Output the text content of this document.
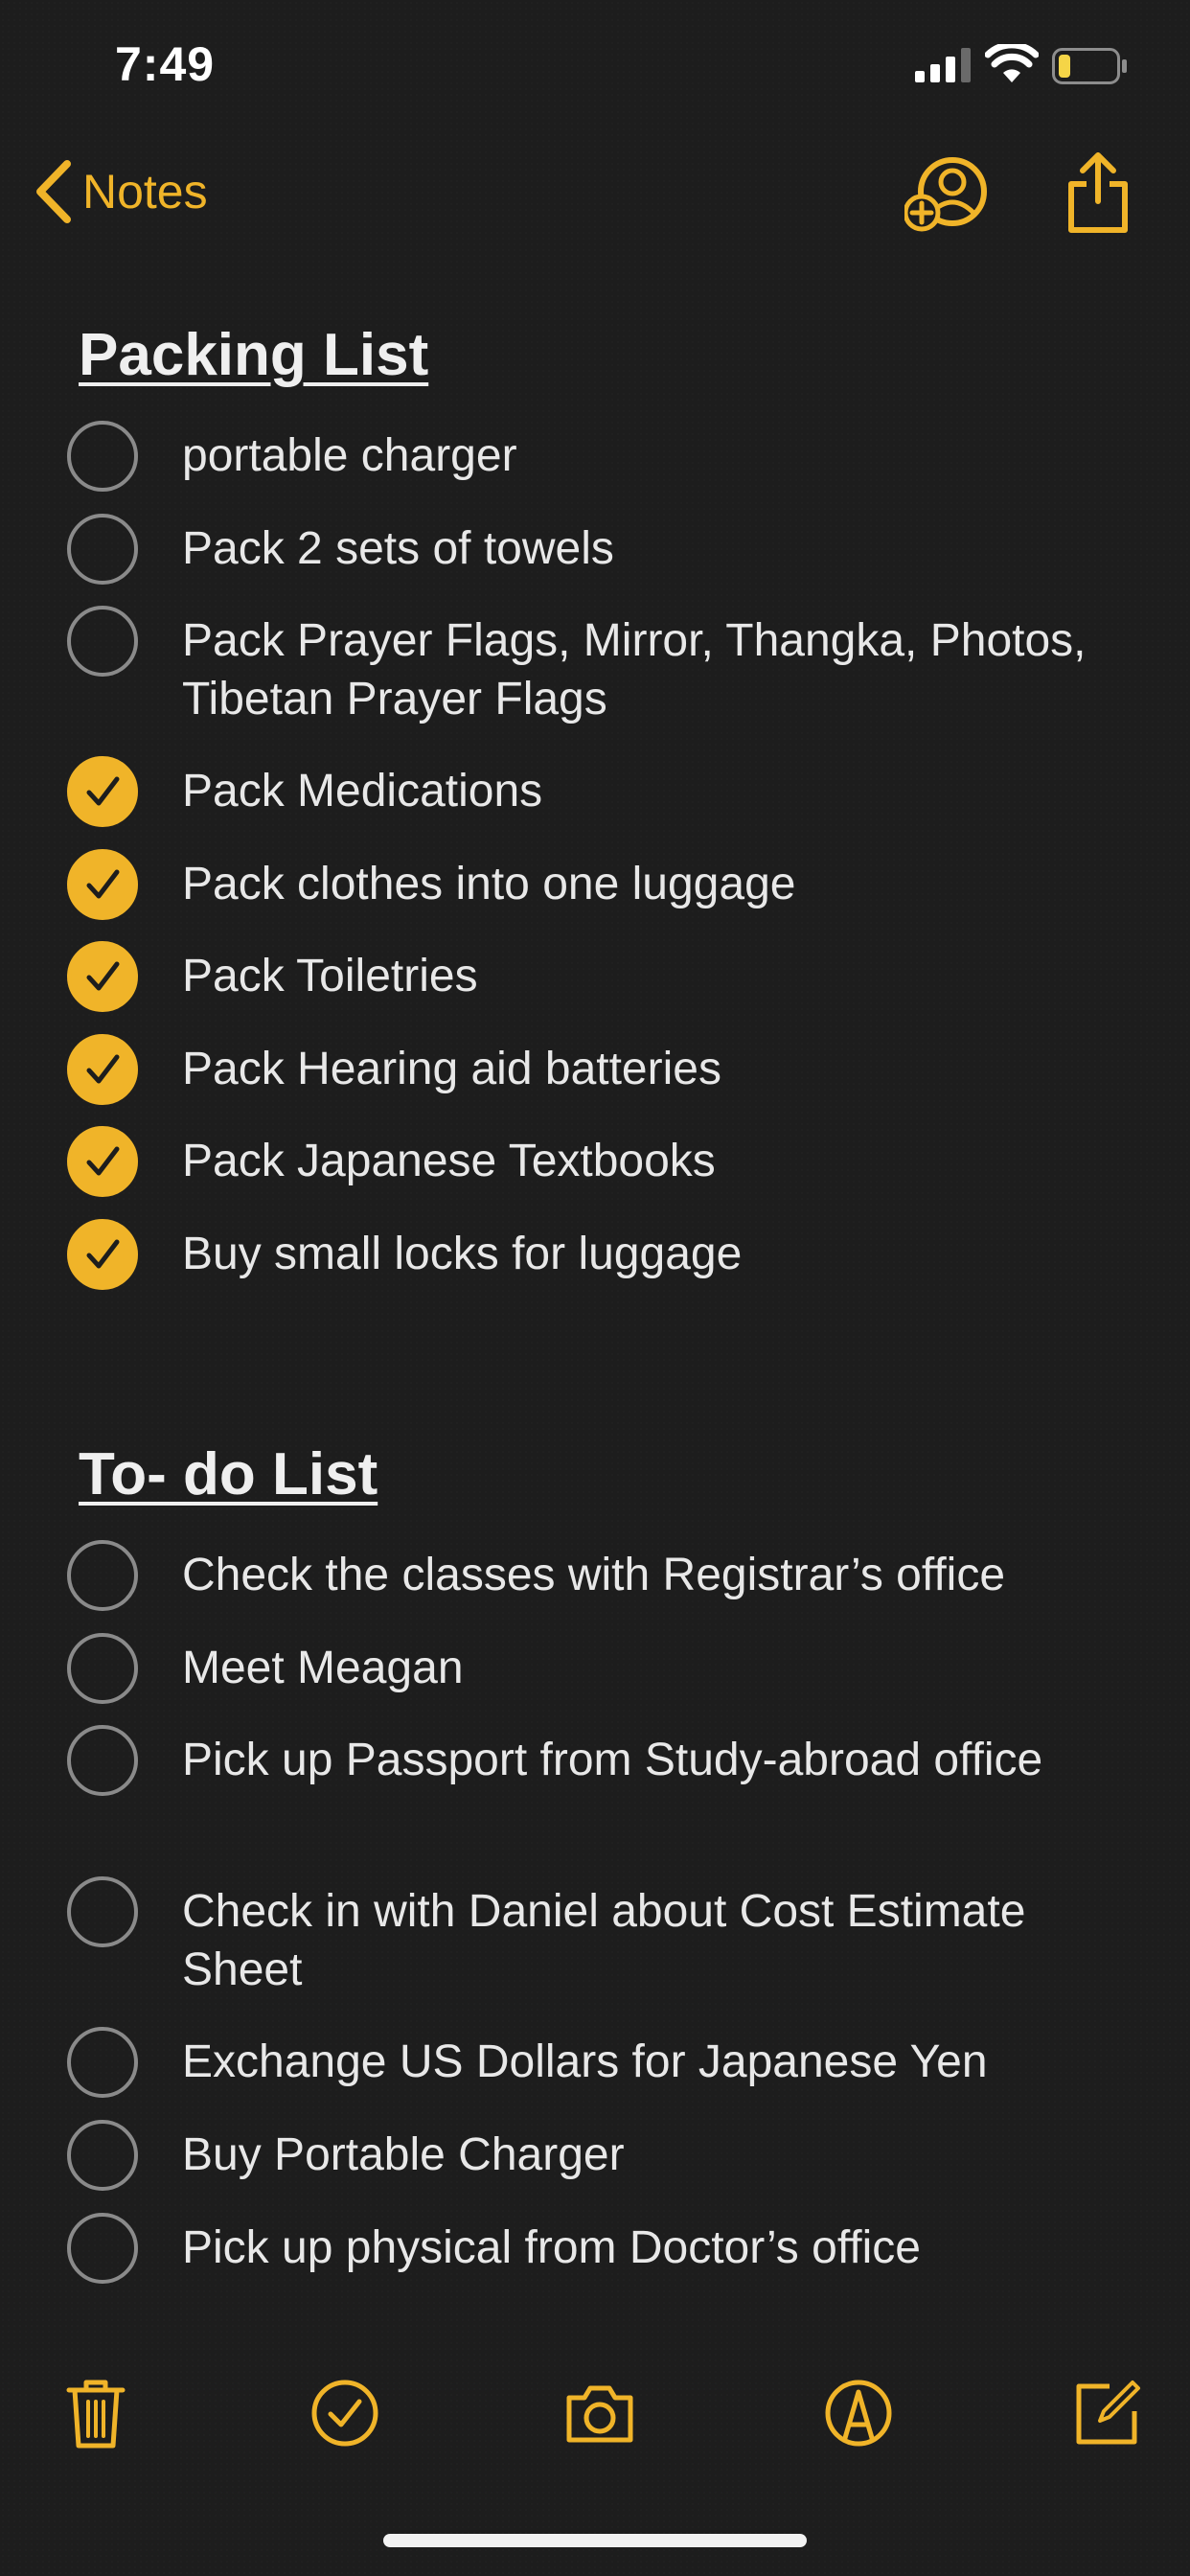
7:49
Notes
Packing List
portable charger
Pack 2 sets of towels
Pack Prayer Flags, Mirror, Thangka, Photos, Tibetan Prayer Flags
Pack Medications
Pack clothes into one luggage
Pack Toiletries
Pack Hearing aid batteries
Pack Japanese Textbooks
Buy small locks for luggage
To- do List
Check the classes with Registrar’s office
Meet Meagan
Pick up Passport from Study-abroad office
Check in with Daniel about Cost Estimate Sheet
Exchange US Dollars for Japanese Yen
Buy Portable Charger
Pick up physical from Doctor’s office
